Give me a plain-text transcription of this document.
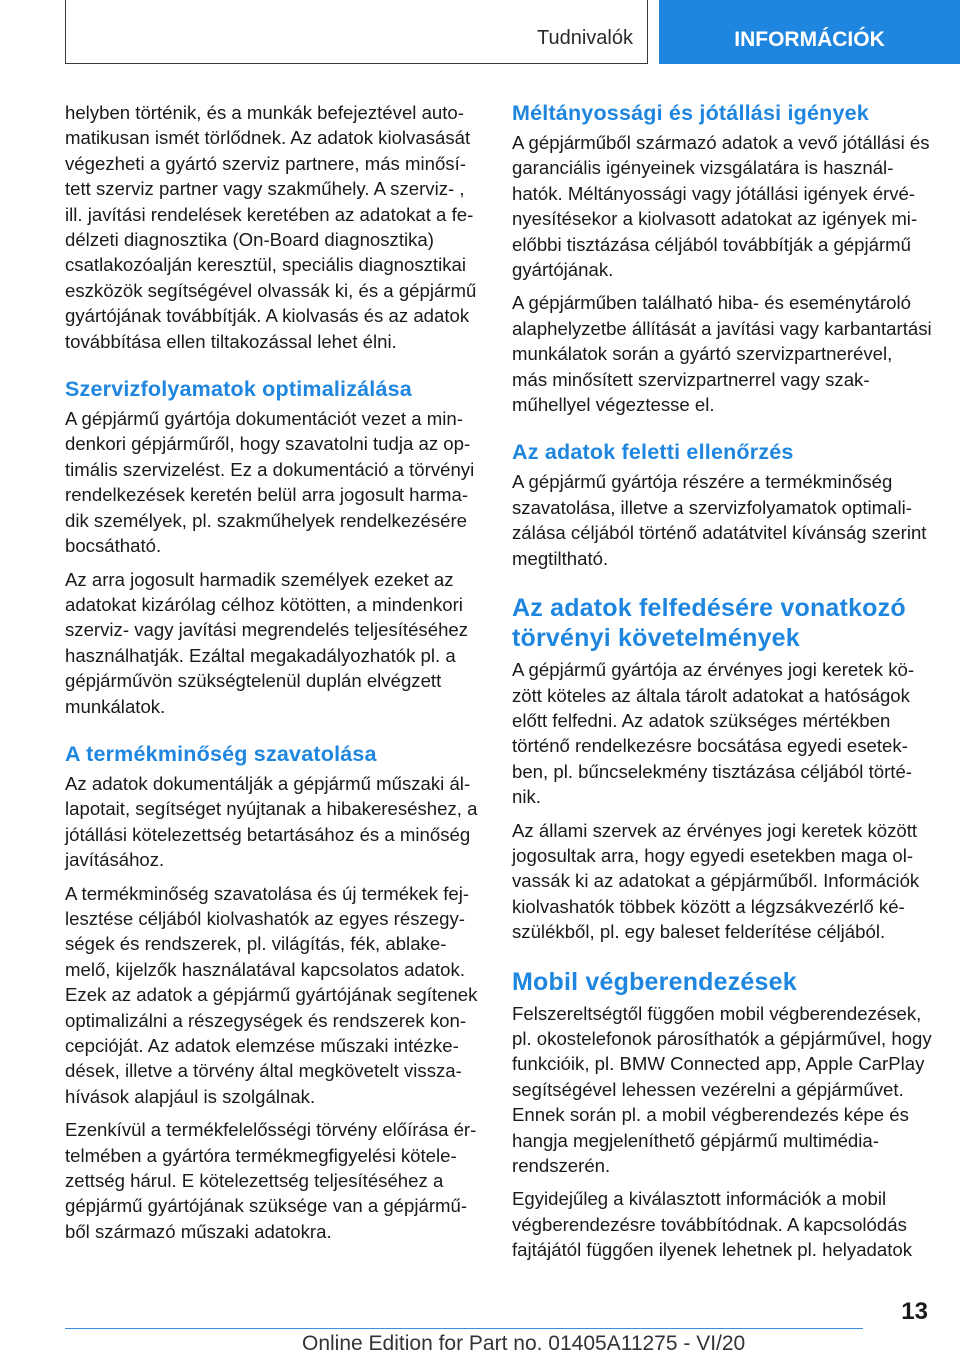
Tudnivalók	INFORMÁCIÓK

helyben történik, és a munkák befejeztével automatikusan ismét törlődnek. Az adatok kiolvasását végezheti a gyártó szerviz partnere, más minősített szerviz partner vagy szakműhely. A szerviz- , ill. javítási rendelések keretében az adatokat a fedélzeti diagnosztika (On-Board diagnosztika) csatlakozóalján keresztül, speciális diagnosztikai eszközök segítségével olvassák ki, és a gépjármű gyártójának továbbítják. A kiolvasás és az adatok továbbítása ellen tiltakozással lehet élni.

Szervizfolyamatok optimalizálása

A gépjármű gyártója dokumentációt vezet a mindenkori gépjárműről, hogy szavatolni tudja az optimális szervizelést. Ez a dokumentáció a törvényi rendelkezések keretén belül arra jogosult harmadik személyek, pl. szakműhelyek rendelkezésére bocsátható.

Az arra jogosult harmadik személyek ezeket az adatokat kizárólag célhoz kötötten, a mindenkori szerviz- vagy javítási megrendelés teljesítéséhez használhatják. Ezáltal megakadályozhatók pl. a gépjárművön szükségtelenül duplán elvégzett munkálatok.

A termékminőség szavatolása

Az adatok dokumentálják a gépjármű műszaki állapotait, segítséget nyújtanak a hibakereséshez, a jótállási kötelezettség betartásához és a minőség javításához.

A termékminőség szavatolása és új termékek fejlesztése céljából kiolvashatók az egyes részegységek és rendszerek, pl. világítás, fék, ablakemelő, kijelzők használatával kapcsolatos adatok. Ezek az adatok a gépjármű gyártójának segítenek optimalizálni a részegységek és rendszerek koncepcióját. Az adatok elemzése műszaki intézkedések, illetve a törvény által megkövetelt visszahívások alapjául is szolgálnak.

Ezenkívül a termékfelelősségi törvény előírása értelmében a gyártóra termékmegfigyelési kötelezettség hárul. E kötelezettség teljesítéséhez a gépjármű gyártójának szüksége van a gépjárműből származó műszaki adatokra.

Méltányossági és jótállási igények

A gépjárműből származó adatok a vevő jótállási és garanciális igényeinek vizsgálatára is használhatók. Méltányossági vagy jótállási igények érvényesítésekor a kiolvasott adatokat az igények mielőbbi tisztázása céljából továbbítják a gépjármű gyártójának.

A gépjárműben található hiba- és eseménytároló alaphelyzetbe állítását a javítási vagy karbantartási munkálatok során a gyártó szervizpartnerével, más minősített szervizpartnerrel vagy szakműhellyel végeztesse el.

Az adatok feletti ellenőrzés

A gépjármű gyártója részére a termékminőség szavatolása, illetve a szervizfolyamatok optimalizálása céljából történő adatátvitel kívánság szerint megtiltható.

Az adatok felfedésére vonatkozó törvényi követelmények

A gépjármű gyártója az érvényes jogi keretek között köteles az általa tárolt adatokat a hatóságok előtt felfedni. Az adatok szükséges mértékben történő rendelkezésre bocsátása egyedi esetekben, pl. bűncselekmény tisztázása céljából történik.

Az állami szervek az érvényes jogi keretek között jogosultak arra, hogy egyedi esetekben maga olvassák ki az adatokat a gépjárműből. Információk kiolvashatók többek között a légzsákvezérlő készülékből, pl. egy baleset felderítése céljából.

Mobil végberendezések

Felszereltségtől függően mobil végberendezések, pl. okostelefonok párosíthatók a gépjárművel, hogy funkcióik, pl. BMW Connected app, Apple CarPlay segítségével lehessen vezérelni a gépjárművet. Ennek során pl. a mobil végberendezés képe és hangja megjeleníthető gépjármű multimédia-rendszerén.

Egyidejűleg a kiválasztott információk a mobil végberendezésre továbbítódnak. A kapcsolódás fajtájától függően ilyenek lehetnek pl. helyadatok

13
Online Edition for Part no. 01405A11275 - VI/20
